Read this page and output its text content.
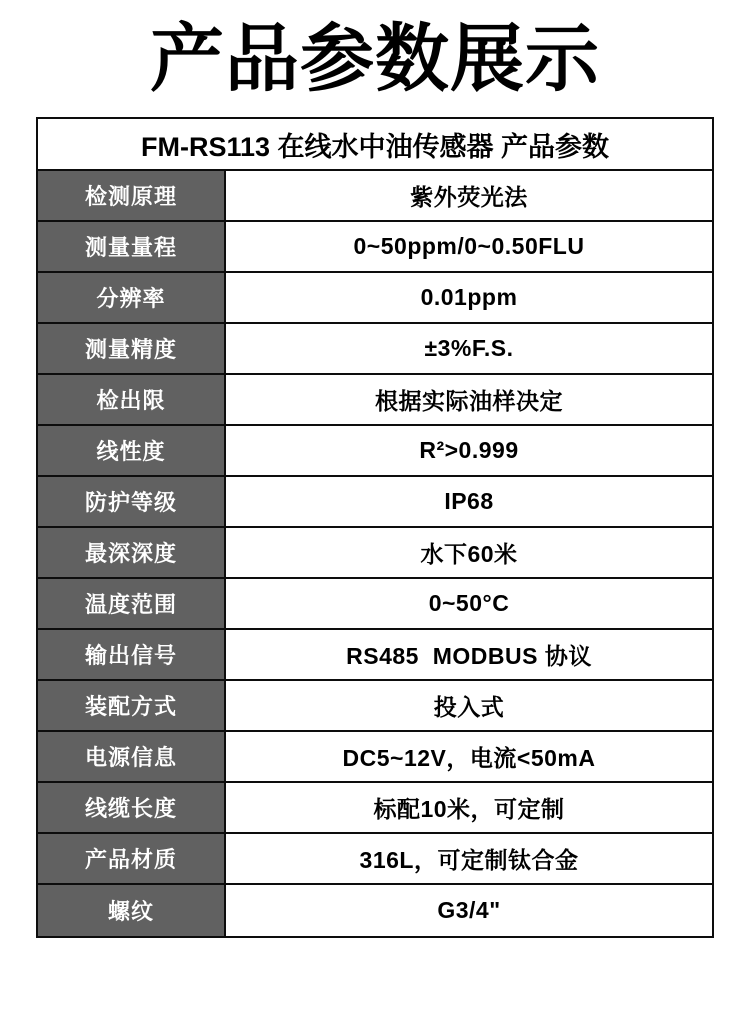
产品参数展示
FM-RS113 在线水中油传感器 产品参数
检测原理	紫外荧光法
测量量程	0~50ppm/0~0.50FLU
分辨率	0.01ppm
测量精度	±3%F.S.
检出限	根据实际油样决定
线性度	R²>0.999
防护等级	IP68
最深深度	水下60米
温度范围	0~50°C
输出信号	RS485  MODBUS 协议
装配方式	投入式
电源信息	DC5~12V，电流<50mA
线缆长度	标配10米，可定制
产品材质	316L，可定制钛合金
螺纹	G3/4"
